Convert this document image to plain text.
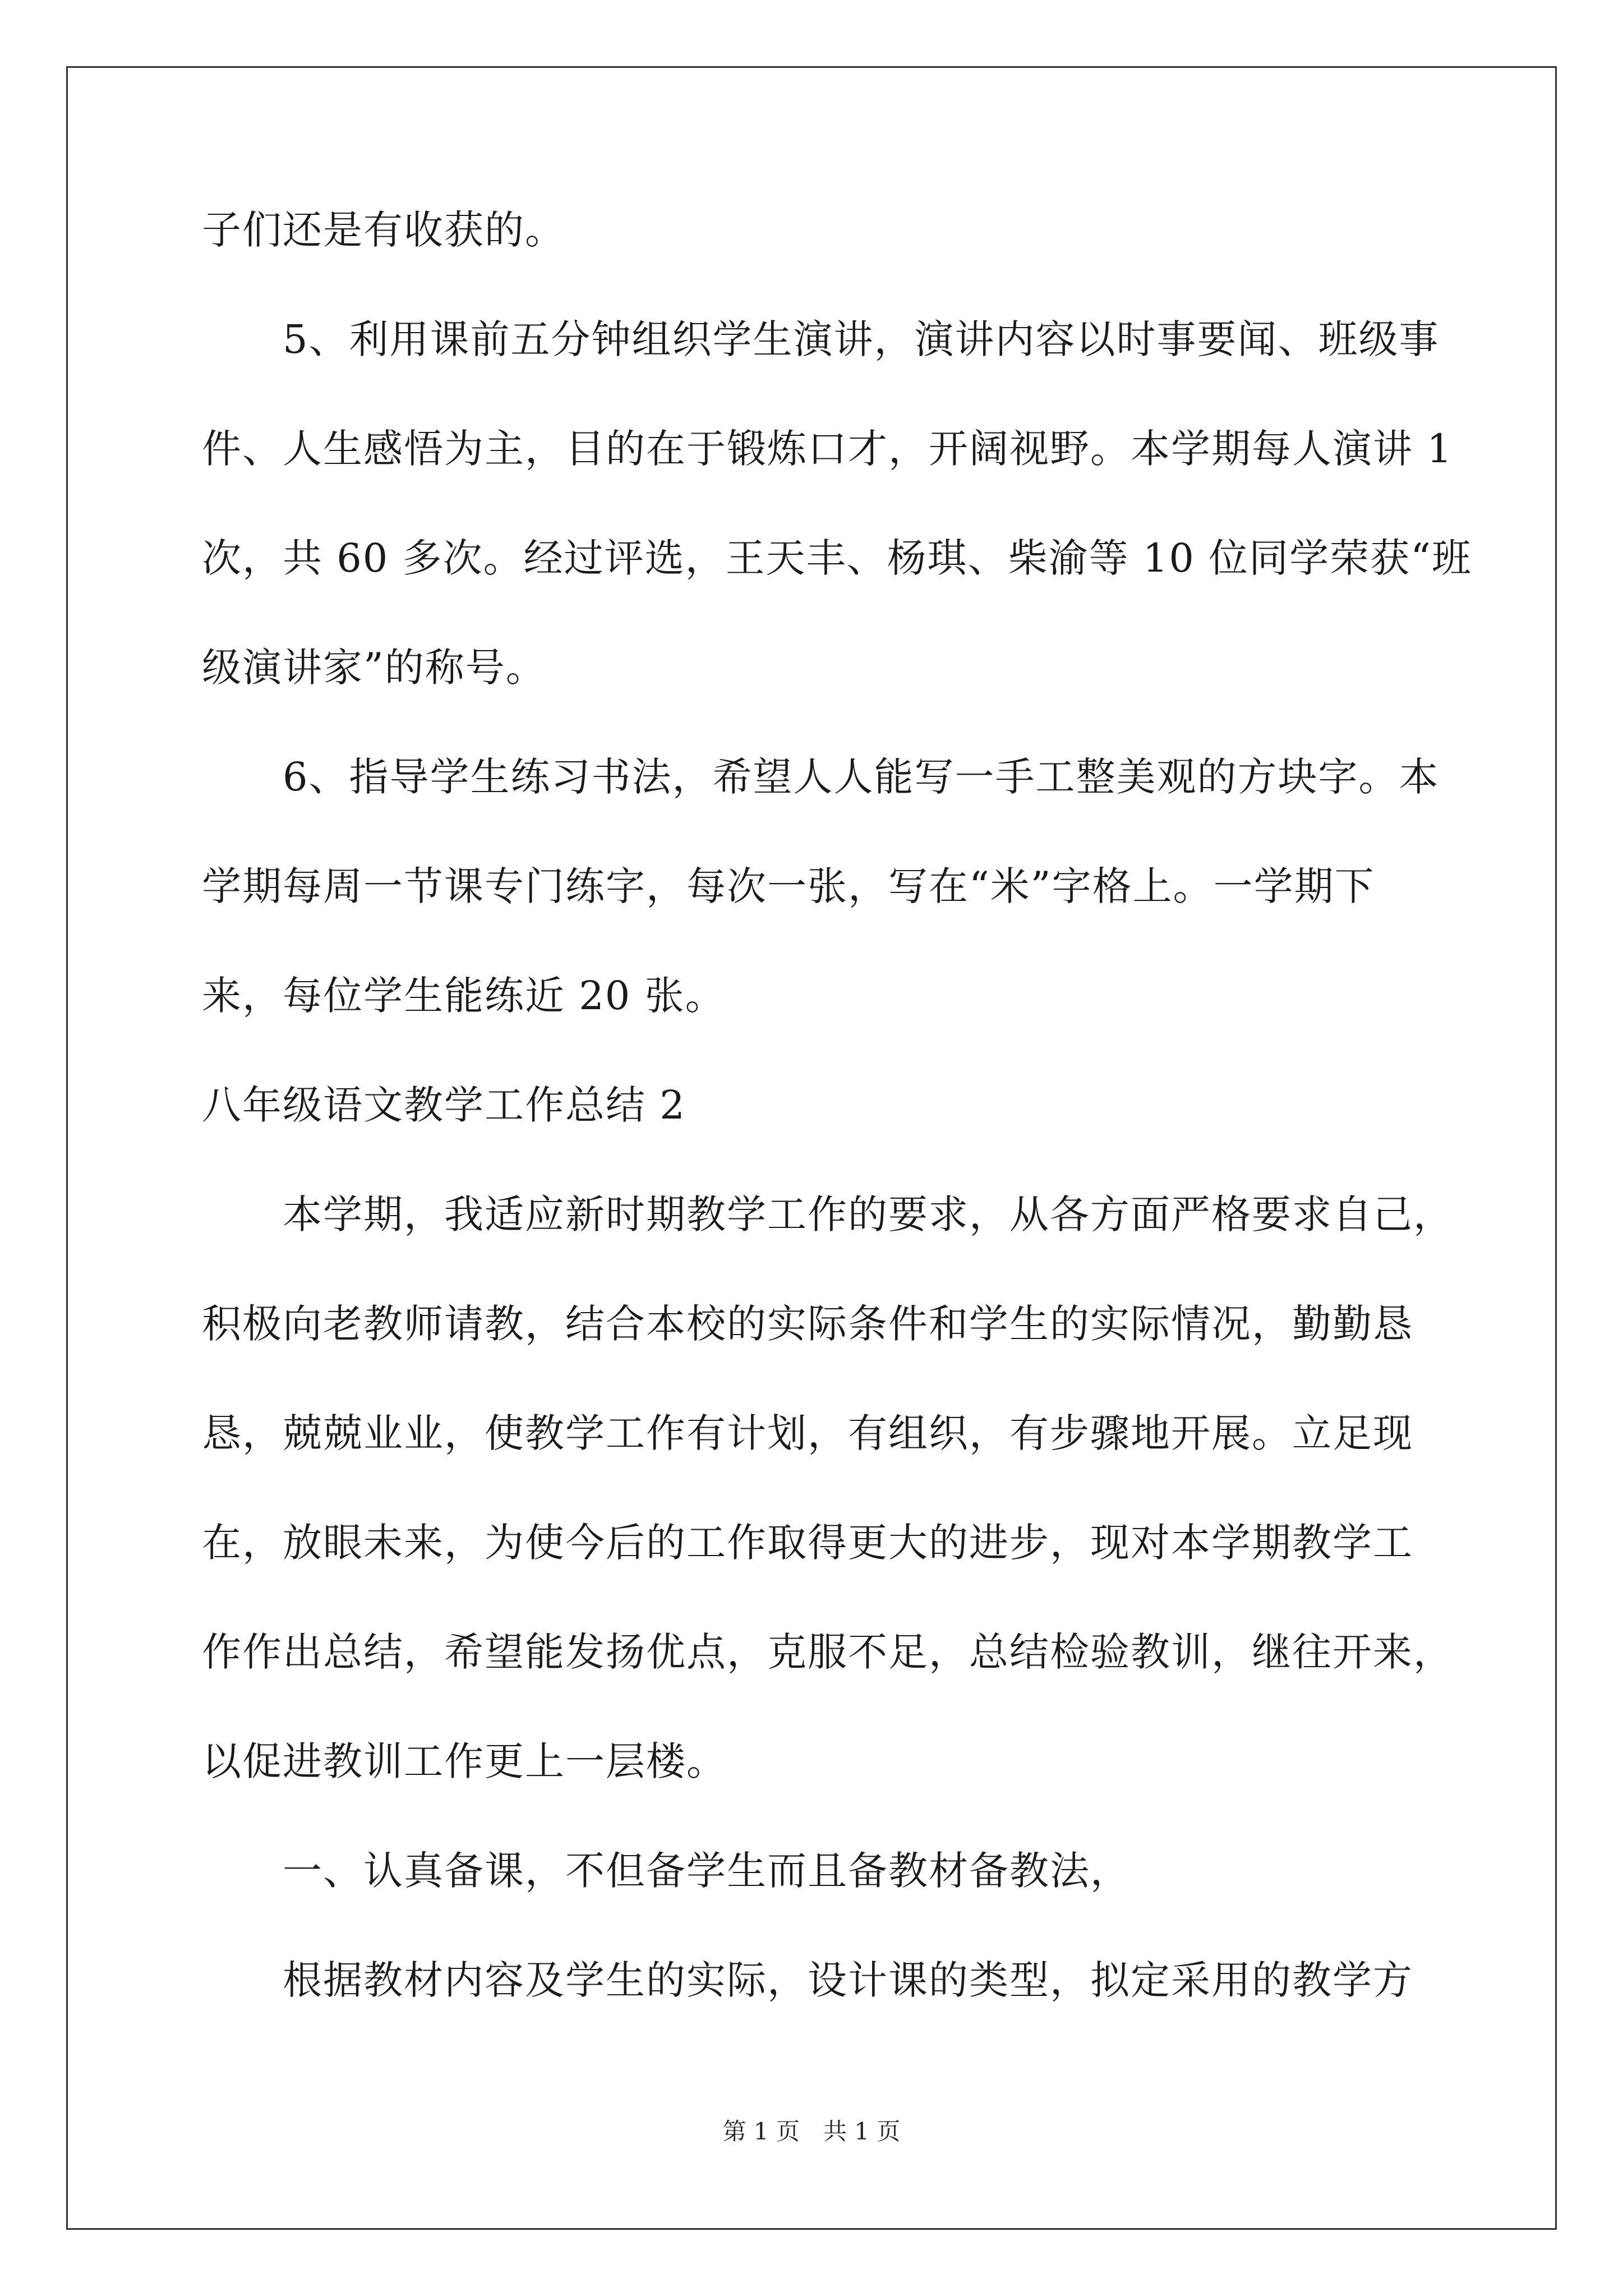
子们还是有收获的。
　　5、利用课前五分钟组织学生演讲，演讲内容以时事要闻、班级事
件、人生感悟为主，目的在于锻炼口才，开阔视野。本学期每人演讲 1
次，共 60 多次。经过评选，王天丰、杨琪、柴渝等 10 位同学荣获“班
级演讲家”的称号。
　　6、指导学生练习书法，希望人人能写一手工整美观的方块字。本
学期每周一节课专门练字，每次一张，写在“米”字格上。一学期下
来，每位学生能练近 20 张。
八年级语文教学工作总结 2
　　本学期，我适应新时期教学工作的要求，从各方面严格要求自己，
积极向老教师请教，结合本校的实际条件和学生的实际情况，勤勤恳
恳，兢兢业业，使教学工作有计划，有组织，有步骤地开展。立足现
在，放眼未来，为使今后的工作取得更大的进步，现对本学期教学工
作作出总结，希望能发扬优点，克服不足，总结检验教训，继往开来，
以促进教训工作更上一层楼。
　　一、认真备课，不但备学生而且备教材备教法，
　　根据教材内容及学生的实际，设计课的类型，拟定采用的教学方
第 1 页　共 1 页
